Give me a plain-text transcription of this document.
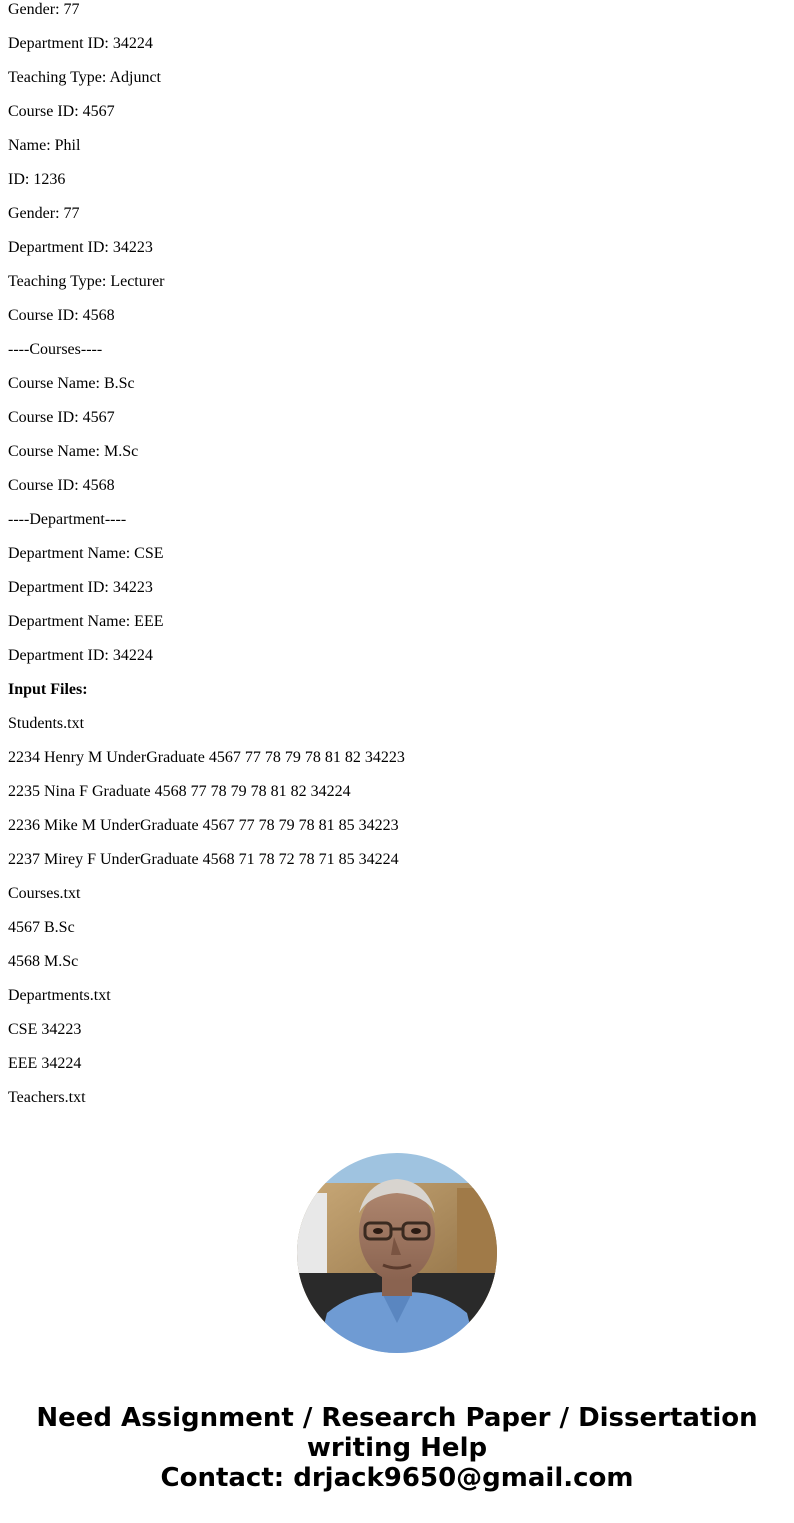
Gender: 77
Department ID: 34224
Teaching Type: Adjunct
Course ID: 4567
Name: Phil
ID: 1236
Gender: 77
Department ID: 34223
Teaching Type: Lecturer
Course ID: 4568
----Courses----
Course Name: B.Sc
Course ID: 4567
Course Name: M.Sc
Course ID: 4568
----Department----
Department Name: CSE
Department ID: 34223
Department Name: EEE
Department ID: 34224
Input Files:
Students.txt
2234 Henry M UnderGraduate 4567 77 78 79 78 81 82 34223
2235 Nina F Graduate 4568 77 78 79 78 81 82 34224
2236 Mike M UnderGraduate 4567 77 78 79 78 81 85 34223
2237 Mirey F UnderGraduate 4568 71 78 72 78 71 85 34224
Courses.txt
4567 B.Sc
4568 M.Sc
Departments.txt
CSE 34223
EEE 34224
Teachers.txt
Need Assignment / Research Paper / Dissertation
writing Help
Contact: drjack9650@gmail.com
